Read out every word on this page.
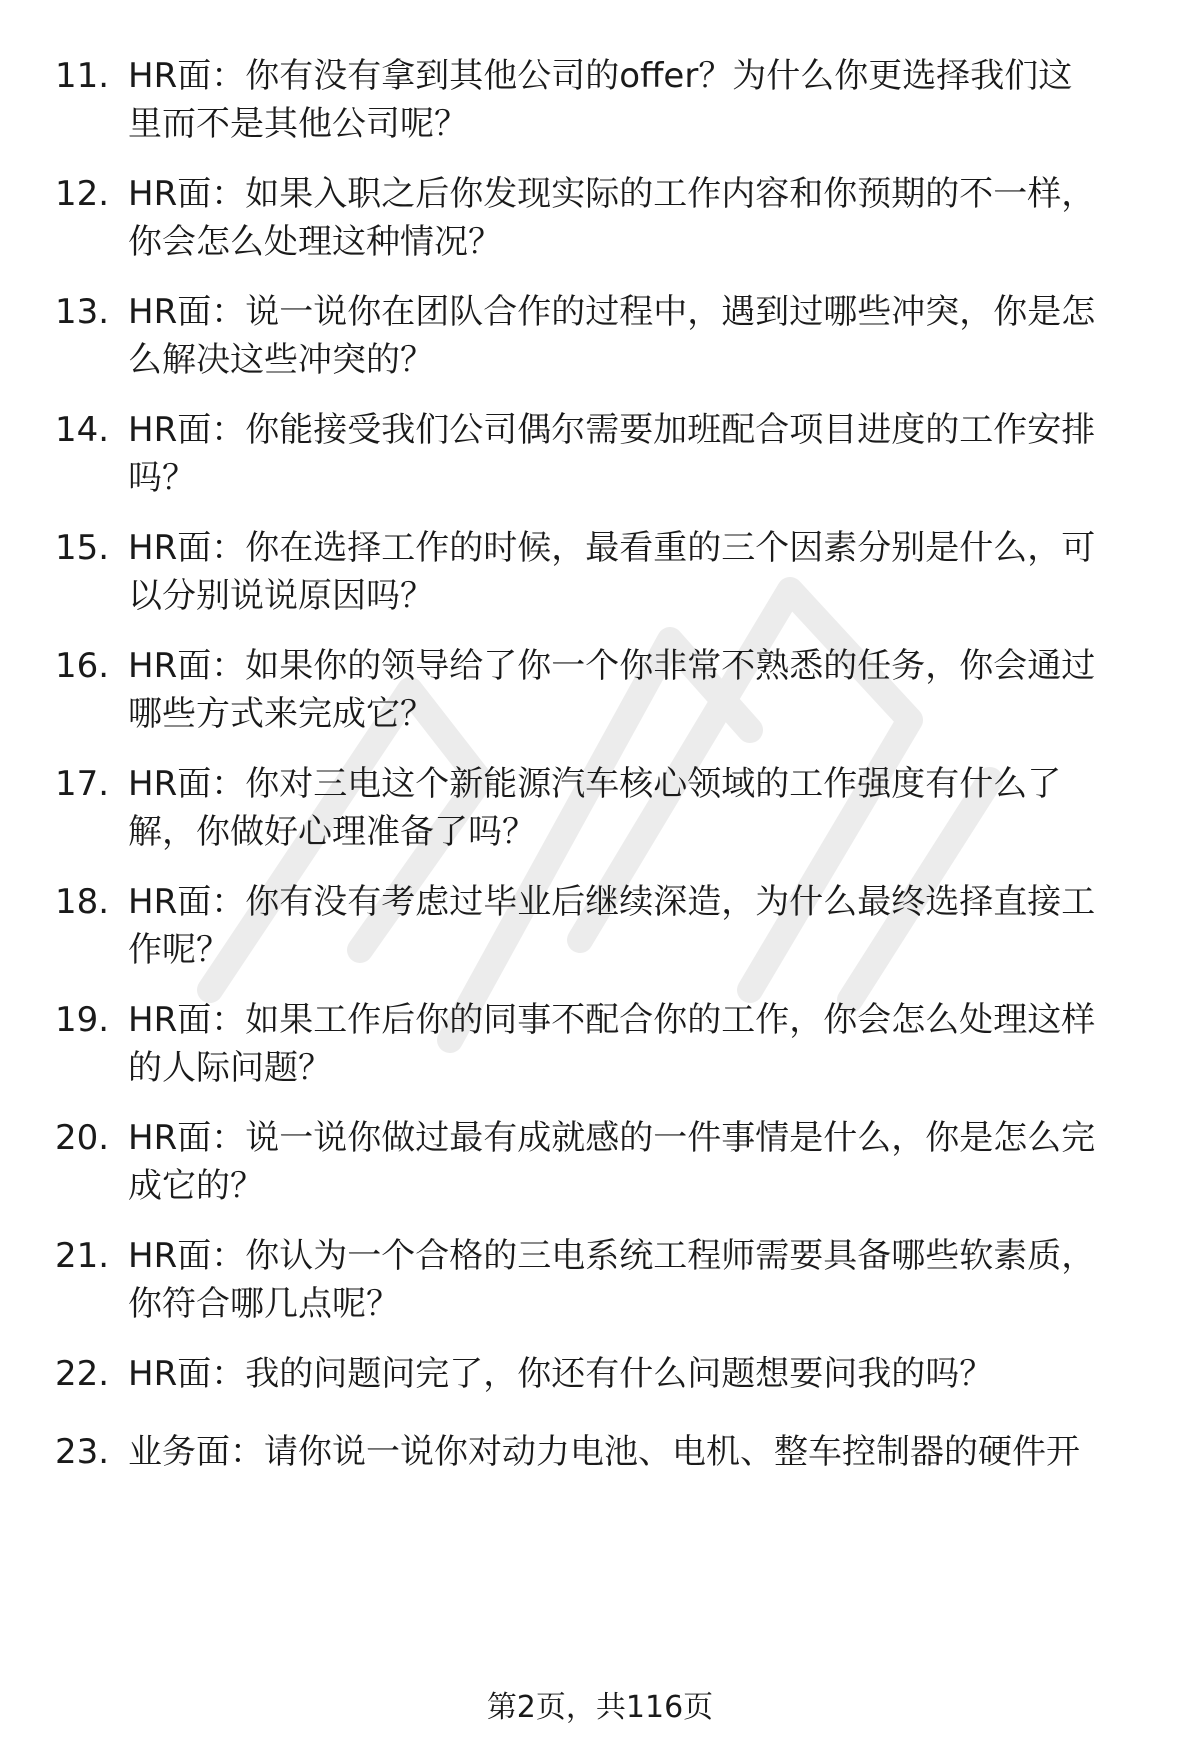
11. HR面：你有没有拿到其他公司的offer？为什么你更选择我们这
里而不是其他公司呢？
12. HR面：如果入职之后你发现实际的工作内容和你预期的不一样，
你会怎么处理这种情况？
13. HR面：说一说你在团队合作的过程中，遇到过哪些冲突，你是怎
么解决这些冲突的？
14. HR面：你能接受我们公司偶尔需要加班配合项目进度的工作安排
吗？
15. HR面：你在选择工作的时候，最看重的三个因素分别是什么，可
以分别说说原因吗？
16. HR面：如果你的领导给了你一个你非常不熟悉的任务，你会通过
哪些方式来完成它？
17. HR面：你对三电这个新能源汽车核心领域的工作强度有什么了
解，你做好心理准备了吗？
18. HR面：你有没有考虑过毕业后继续深造，为什么最终选择直接工
作呢？
19. HR面：如果工作后你的同事不配合你的工作，你会怎么处理这样
的人际问题？
20. HR面：说一说你做过最有成就感的一件事情是什么，你是怎么完
成它的？
21. HR面：你认为一个合格的三电系统工程师需要具备哪些软素质，
你符合哪几点呢？
22. HR面：我的问题问完了，你还有什么问题想要问我的吗？
23. 业务面：请你说一说你对动力电池、电机、整车控制器的硬件开
第2页，共116页
